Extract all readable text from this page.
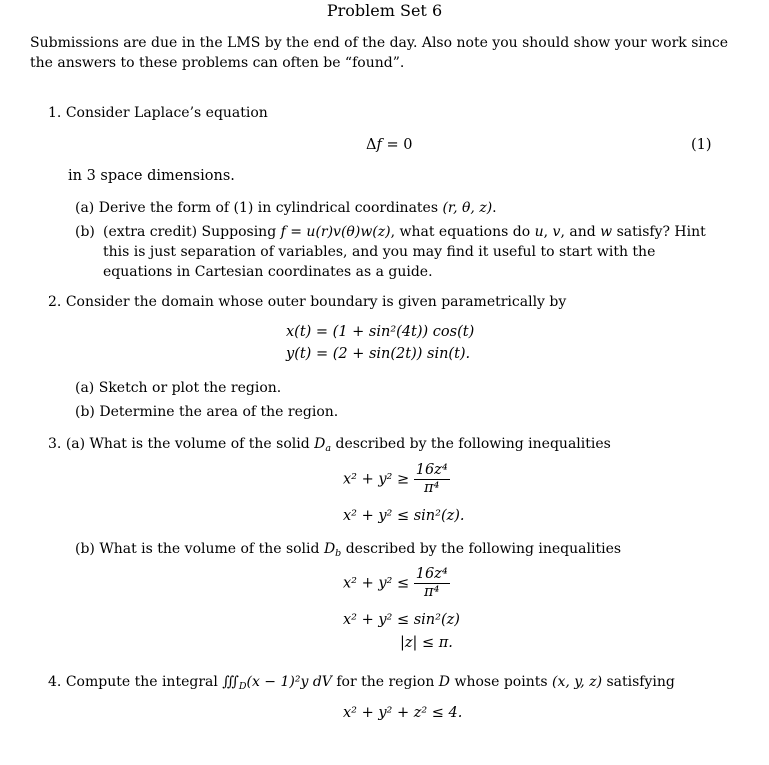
Problem Set 6
Submissions are due in the LMS by the end of the day. Also note you should show your work since the answers to these problems can often be “found”.
1. Consider Laplace’s equation
Δf = 0	(1)
in 3 space dimensions.
(a) Derive the form of (1) in cylindrical coordinates (r, θ, z).
(b) (extra credit) Supposing f = u(r)v(θ)w(z), what equations do u, v, and w satisfy? Hint this is just separation of variables, and you may find it useful to start with the equations in Cartesian coordinates as a guide.
2. Consider the domain whose outer boundary is given parametrically by
x(t) = (1 + sin²(4t)) cos(t)
y(t) = (2 + sin(2t)) sin(t).
(a) Sketch or plot the region.
(b) Determine the area of the region.
3. (a) What is the volume of the solid $D_a$ described by the following inequalities
$x^2 + y^2 \ge \frac{\text{16z⁴}}{\text{π⁴}}$
x² + y² ≤ sin²(z).
(b) What is the volume of the solid $D_b$ described by the following inequalities
$x^2 + y^2 \le \frac{\text{16z⁴}}{\text{π⁴}}$
x² + y² ≤ sin²(z)
|z| ≤ π.
4. Compute the integral $∭_D(x - 1)^2y$ dV for the region D whose points (x, y, z) satisfying
x² + y² + z² ≤ 4.
